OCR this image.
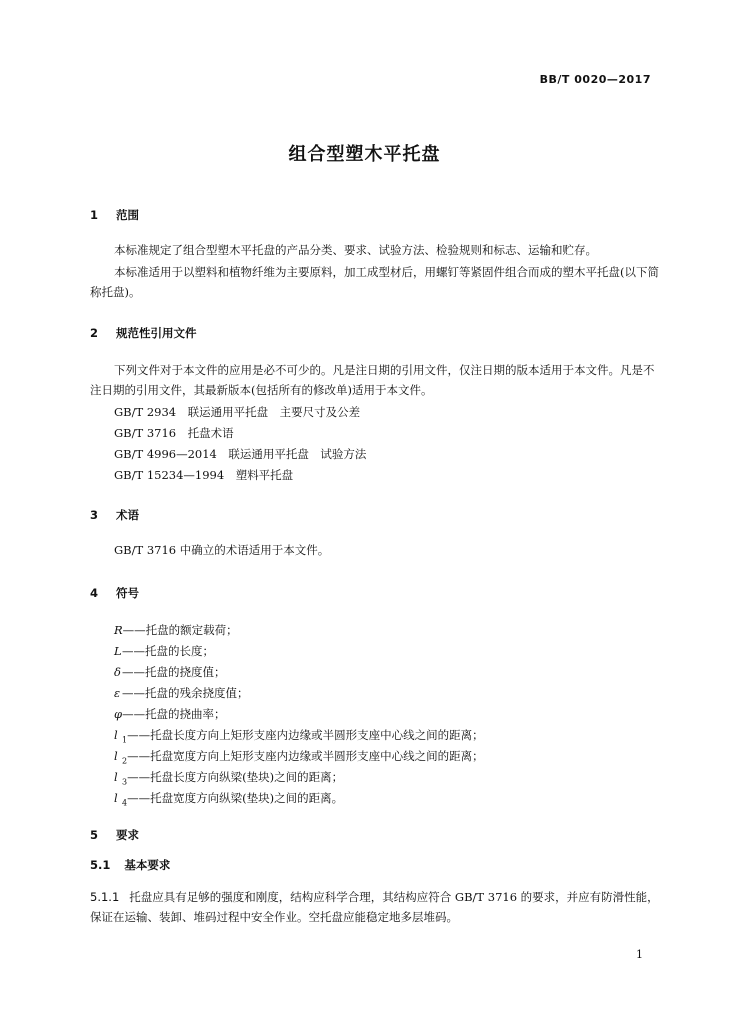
BB/T 0020—2017
组合型塑木平托盘
1 范围
本标准规定了组合型塑木平托盘的产品分类、要求、试验方法、检验规则和标志、运输和贮存。
本标准适用于以塑料和植物纤维为主要原料，加工成型材后，用螺钉等紧固件组合而成的塑木平托盘(以下简称托盘)。
2 规范性引用文件
下列文件对于本文件的应用是必不可少的。凡是注日期的引用文件，仅注日期的版本适用于本文件。凡是不注日期的引用文件，其最新版本(包括所有的修改单)适用于本文件。
GB/T 2934　联运通用平托盘　主要尺寸及公差
GB/T 3716　托盘术语
GB/T 4996—2014　联运通用平托盘　试验方法
GB/T 15234—1994　塑料平托盘
3 术语
GB/T 3716 中确立的术语适用于本文件。
4 符号
R——托盘的额定载荷；
L——托盘的长度；
δ——托盘的挠度值；
ε ——托盘的残余挠度值；
φ——托盘的挠曲率；
l $_1$——托盘长度方向上矩形支座内边缘或半圆形支座中心线之间的距离；
l $_2$——托盘宽度方向上矩形支座内边缘或半圆形支座中心线之间的距离；
l $_3$——托盘长度方向纵梁(垫块)之间的距离；
l $_4$——托盘宽度方向纵梁(垫块)之间的距离。
5 要求
5.1 基本要求
5.1.1 托盘应具有足够的强度和刚度，结构应科学合理，其结构应符合 GB/T 3716 的要求，并应有防滑性能，保证在运输、装卸、堆码过程中安全作业。空托盘应能稳定地多层堆码。
1
